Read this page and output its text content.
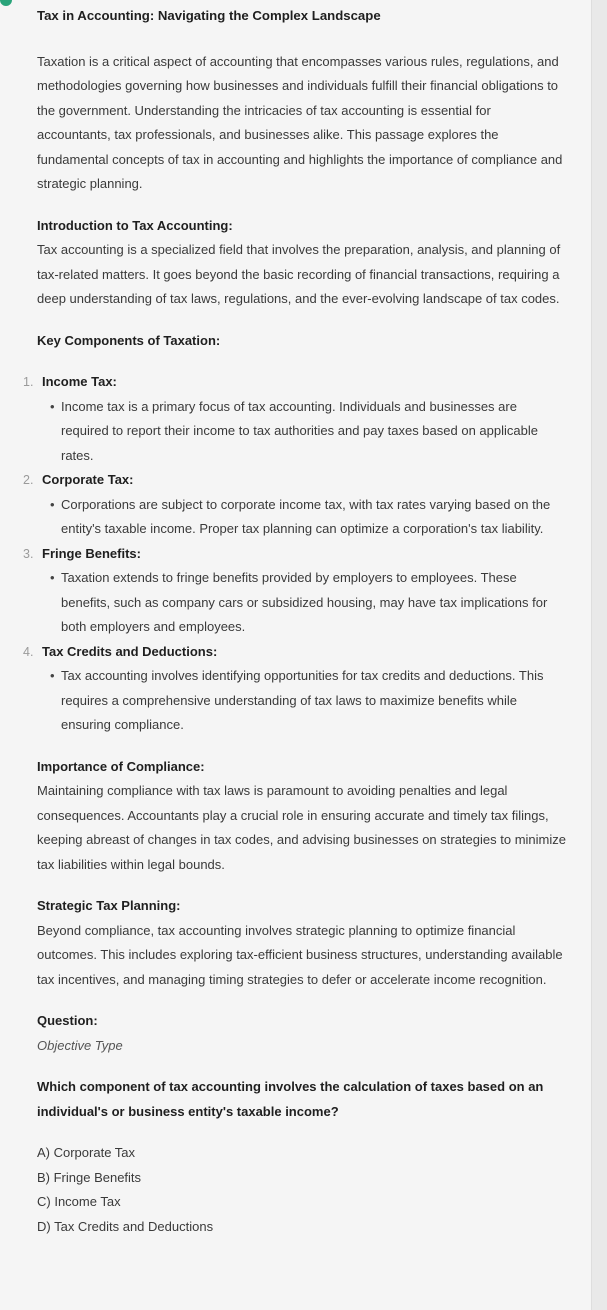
Tax in Accounting: Navigating the Complex Landscape

Taxation is a critical aspect of accounting that encompasses various rules, regulations, and methodologies governing how businesses and individuals fulfill their financial obligations to the government. Understanding the intricacies of tax accounting is essential for accountants, tax professionals, and businesses alike. This passage explores the fundamental concepts of tax in accounting and highlights the importance of compliance and strategic planning.

Introduction to Tax Accounting:

Tax accounting is a specialized field that involves the preparation, analysis, and planning of tax-related matters. It goes beyond the basic recording of financial transactions, requiring a deep understanding of tax laws, regulations, and the ever-evolving landscape of tax codes.

Key Components of Taxation:

1. Income Tax:
• Income tax is a primary focus of tax accounting. Individuals and businesses are required to report their income to tax authorities and pay taxes based on applicable rates.
2. Corporate Tax:
• Corporations are subject to corporate income tax, with tax rates varying based on the entity's taxable income. Proper tax planning can optimize a corporation's tax liability.
3. Fringe Benefits:
• Taxation extends to fringe benefits provided by employers to employees. These benefits, such as company cars or subsidized housing, may have tax implications for both employers and employees.
4. Tax Credits and Deductions:
• Tax accounting involves identifying opportunities for tax credits and deductions. This requires a comprehensive understanding of tax laws to maximize benefits while ensuring compliance.

Importance of Compliance:

Maintaining compliance with tax laws is paramount to avoiding penalties and legal consequences. Accountants play a crucial role in ensuring accurate and timely tax filings, keeping abreast of changes in tax codes, and advising businesses on strategies to minimize tax liabilities within legal bounds.

Strategic Tax Planning:

Beyond compliance, tax accounting involves strategic planning to optimize financial outcomes. This includes exploring tax-efficient business structures, understanding available tax incentives, and managing timing strategies to defer or accelerate income recognition.

Question:

Objective Type

Which component of tax accounting involves the calculation of taxes based on an individual's or business entity's taxable income?

A) Corporate Tax
B) Fringe Benefits
C) Income Tax
D) Tax Credits and Deductions
